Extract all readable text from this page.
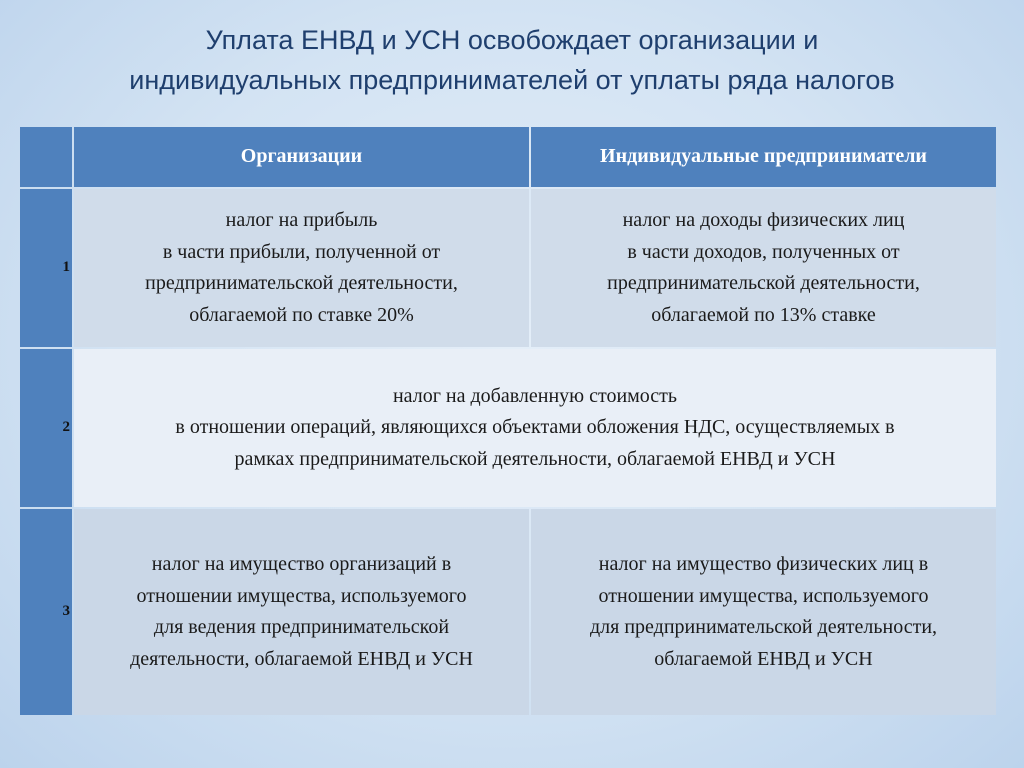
Уплата ЕНВД и УСН освобождает организации и
индивидуальных предпринимателей от уплаты ряда налогов
Организации	Индивидуальные предприниматели
1
налог на прибыль
в части прибыли, полученной от
предпринимательской деятельности,
облагаемой по ставке 20%
налог на доходы физических лиц
в части доходов, полученных от
предпринимательской деятельности,
облагаемой по 13% ставке
2
налог на добавленную стоимость
в отношении операций, являющихся объектами обложения НДС, осуществляемых в
рамках предпринимательской деятельности, облагаемой ЕНВД и УСН
3
налог на имущество организаций в
отношении имущества, используемого
для ведения предпринимательской
деятельности, облагаемой ЕНВД и УСН
налог на имущество физических лиц в
отношении имущества, используемого
для предпринимательской деятельности,
облагаемой ЕНВД и УСН
